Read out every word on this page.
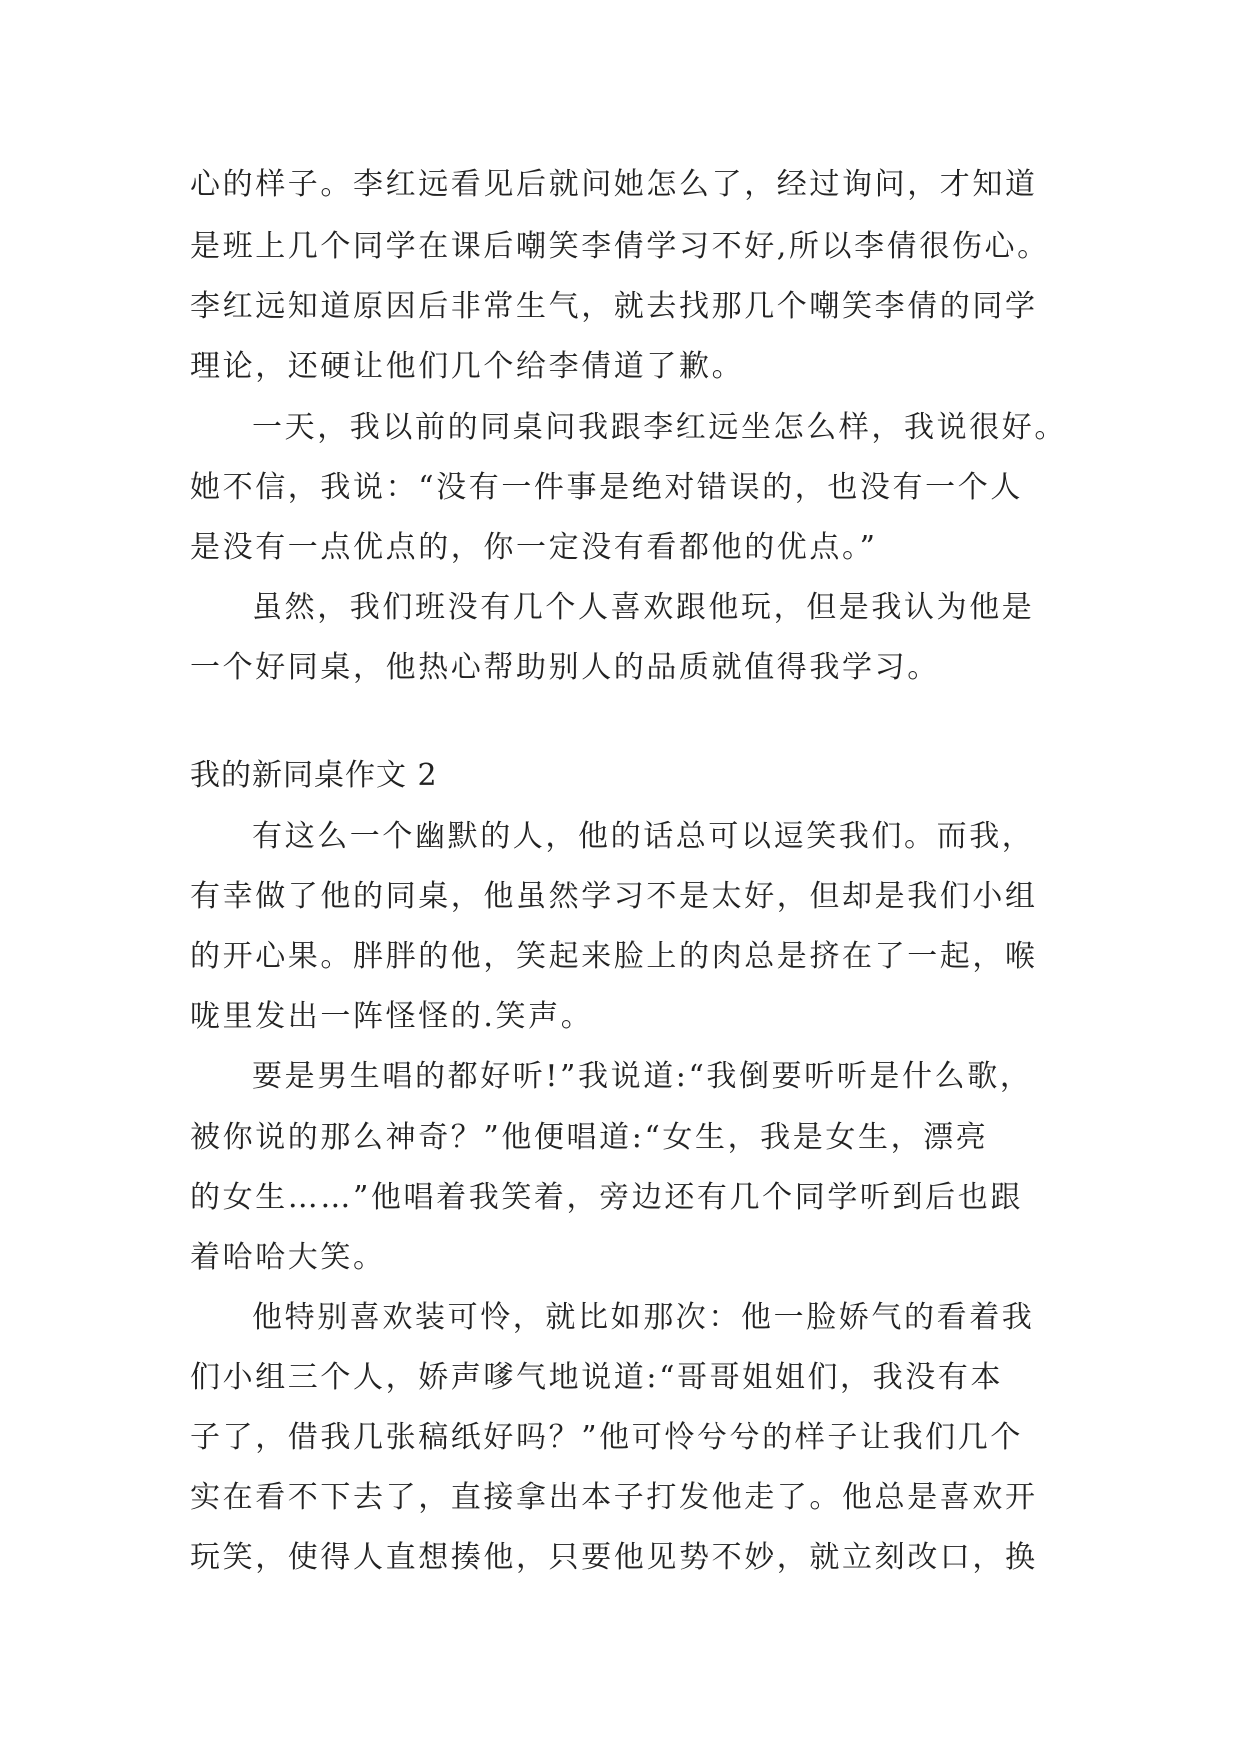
心的样子。李红远看见后就问她怎么了，经过询问，才知道
是班上几个同学在课后嘲笑李倩学习不好,所以李倩很伤心。
李红远知道原因后非常生气，就去找那几个嘲笑李倩的同学
理论，还硬让他们几个给李倩道了歉。
一天，我以前的同桌问我跟李红远坐怎么样，我说很好。
她不信，我说：“没有一件事是绝对错误的，也没有一个人
是没有一点优点的，你一定没有看都他的优点。”
虽然，我们班没有几个人喜欢跟他玩，但是我认为他是
一个好同桌，他热心帮助别人的品质就值得我学习。
我的新同桌作文 2
有这么一个幽默的人，他的话总可以逗笑我们。而我，
有幸做了他的同桌，他虽然学习不是太好，但却是我们小组
的开心果。胖胖的他，笑起来脸上的肉总是挤在了一起，喉
咙里发出一阵怪怪的.笑声。
要是男生唱的都好听!”我说道:“我倒要听听是什么歌，
被你说的那么神奇？”他便唱道:“女生，我是女生，漂亮
的女生……”他唱着我笑着，旁边还有几个同学听到后也跟
着哈哈大笑。
他特别喜欢装可怜，就比如那次：他一脸娇气的看着我
们小组三个人，娇声嗲气地说道:“哥哥姐姐们，我没有本
子了，借我几张稿纸好吗？”他可怜兮兮的样子让我们几个
实在看不下去了，直接拿出本子打发他走了。他总是喜欢开
玩笑，使得人直想揍他，只要他见势不妙，就立刻改口，换
